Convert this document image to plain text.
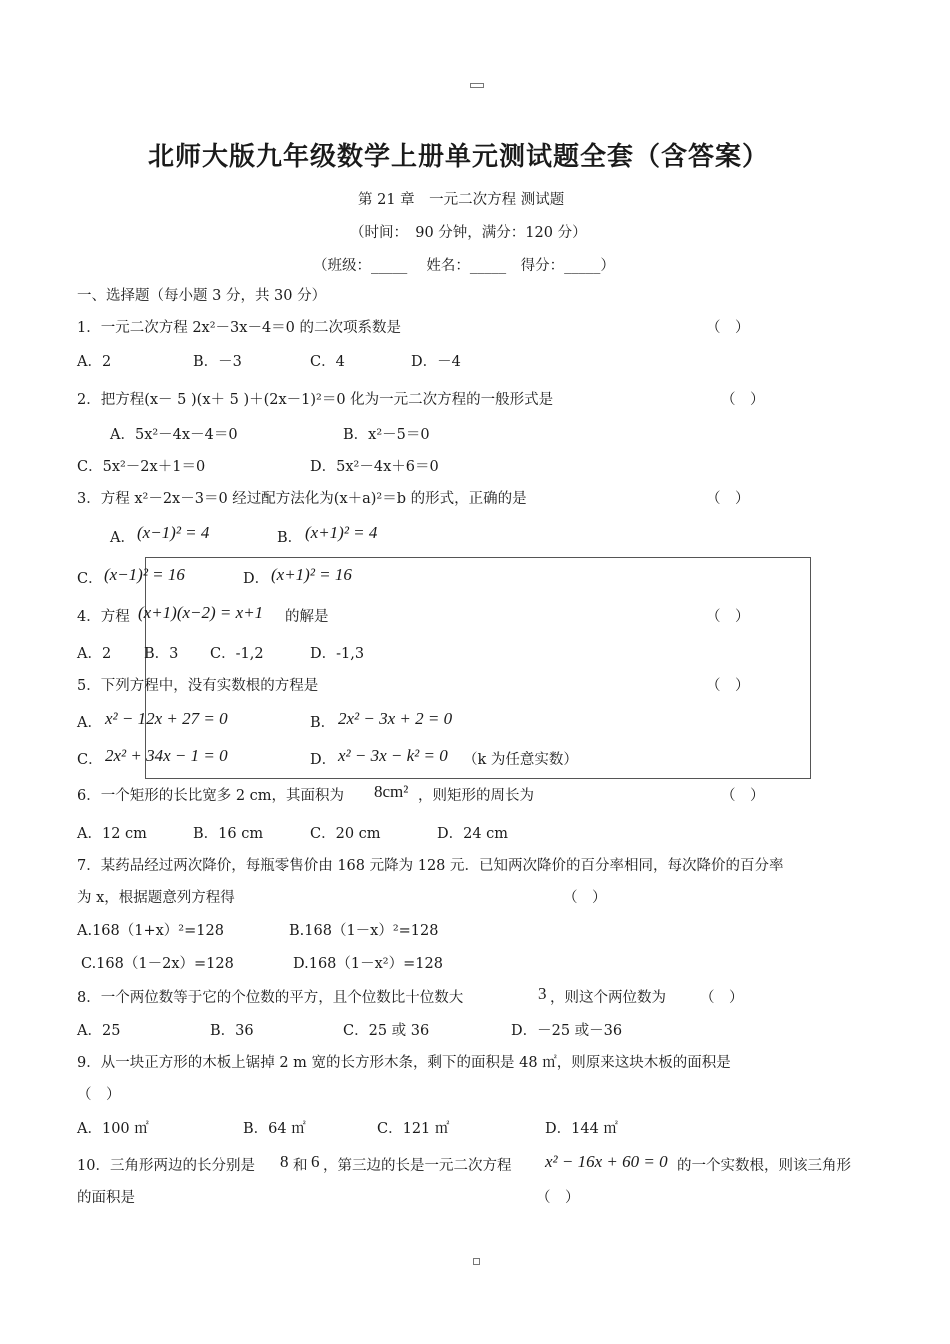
北师大版九年级数学上册单元测试题全套（含答案）
第 21 章　一元二次方程 测试题
（时间：　90 分钟，满分：120 分）
（班级：_____　 姓名：_____　得分：_____）
一、选择题（每小题 3 分，共 30 分）
1．一元二次方程 2x²－3x－4＝0 的二次项系数是	（　）
A．2	B．－3	C．4	D．－4
2．把方程(x－ 5 )(x＋ 5 )＋(2x－1)²＝0 化为一元二次方程的一般形式是	（　）
A．5x²－4x－4＝0	B．x²－5＝0
C．5x²－2x＋1＝0	D．5x²－4x＋6＝0
3．方程 x²－2x－3＝0 经过配方法化为(x＋a)²＝b 的形式，正确的是	（　）
A． (x−1)² = 4	B． (x+1)² = 4
C． (x−1)² = 16	D． (x+1)² = 16
4．方程 (x+1)(x−2) = x+1 的解是	（　）
A．2 B．3 C．-1,2	D．-1,3
5．下列方程中，没有实数根的方程是	（　）
A． x² − 12x + 27 = 0	B． 2x² − 3x + 2 = 0
C． 2x² + 34x − 1 = 0	D． x² − 3x − k² = 0 （k 为任意实数）
6．一个矩形的长比宽多 2 cm，其面积为 8cm² ，则矩形的周长为	（　）
A．12 cm	B．16 cm	C．20 cm	D．24 cm
7．某药品经过两次降价，每瓶零售价由 168 元降为 128 元．已知两次降价的百分率相同，每次降价的百分率
为 x，根据题意列方程得	（　）
A.168（1+x）²=128	B.168（1－x）²=128
C.168（1－2x）=128	D.168（1－x²）=128
8．一个两位数等于它的个位数的平方，且个位数比十位数大	3 ，则这个两位数为 （　）
A．25	B．36	C．25 或 36	D．－25 或－36
9．从一块正方形的木板上锯掉 2 m 宽的长方形木条，剩下的面积是 48 ㎡，则原来这块木板的面积是
（　）
A．100 ㎡	B．64 ㎡	C．121 ㎡	D．144 ㎡
10．三角形两边的长分别是 8 和 6 ，第三边的长是一元二次方程 x² − 16x + 60 = 0 的一个实数根，则该三角形
的面积是	（　）
